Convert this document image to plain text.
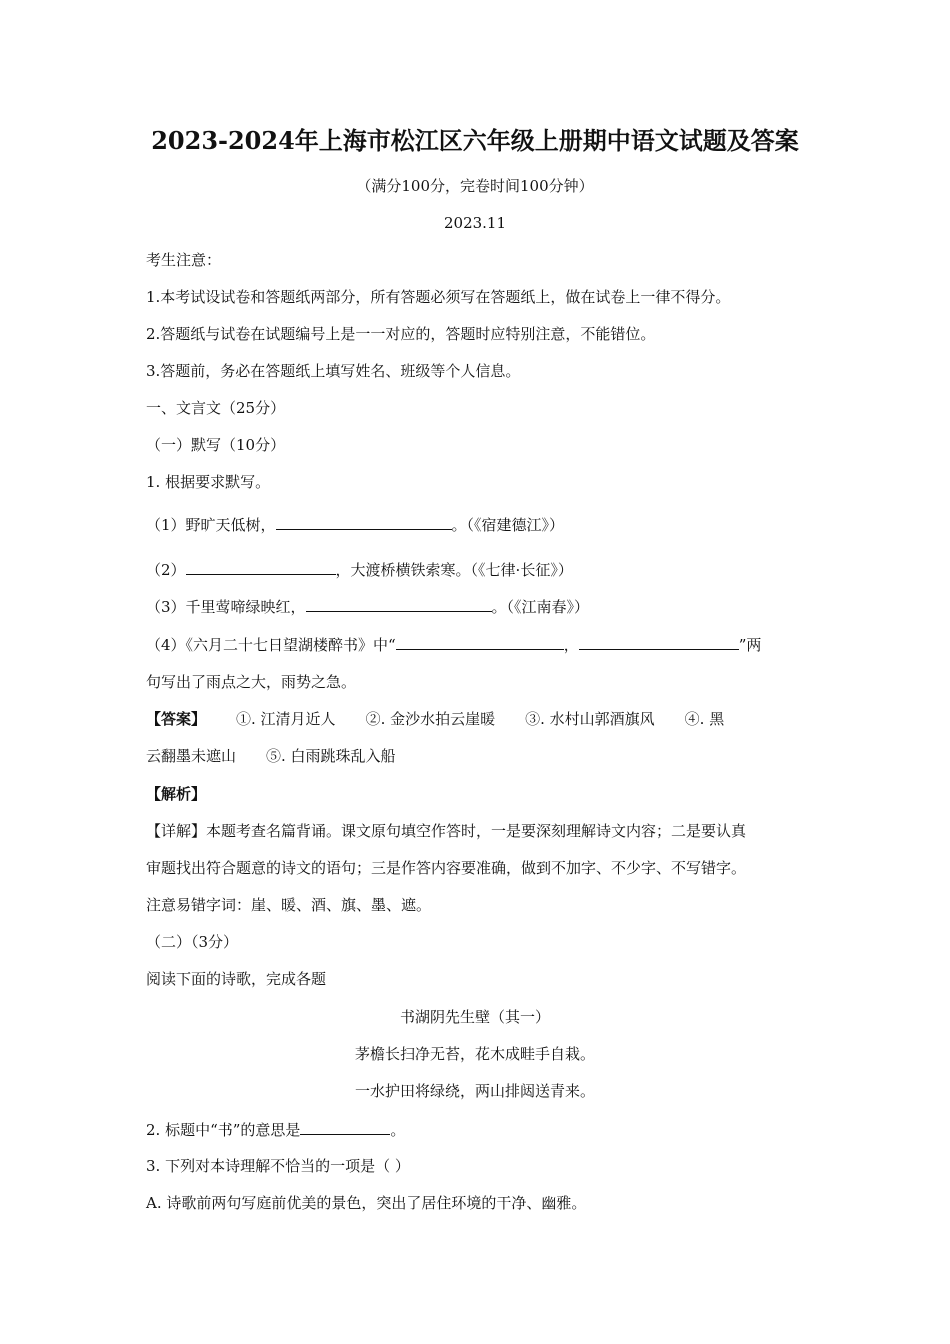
2023-2024年上海市松江区六年级上册期中语文试题及答案
（满分100分，完卷时间100分钟）
2023.11
考生注意：
1.本考试设试卷和答题纸两部分，所有答题必须写在答题纸上，做在试卷上一律不得分。
2.答题纸与试卷在试题编号上是一一对应的，答题时应特别注意，不能错位。
3.答题前，务必在答题纸上填写姓名、班级等个人信息。
一、文言文（25分）
（一）默写（10分）
1. 根据要求默写。
（1）野旷天低树，	。（《宿建德江》）
（2）	，大渡桥横铁索寒。（《七律·长征》）
（3）千里莺啼绿映红，	。（《江南春》）
（4）《六月二十七日望湖楼醉书》中“	，	”两
句写出了雨点之大，雨势之急。
【答案】 ①. 江清月近人 ②. 金沙水拍云崖暖 ③. 水村山郭酒旗风 ④. 黑
云翻墨未遮山 ⑤. 白雨跳珠乱入船
【解析】
【详解】本题考查名篇背诵。课文原句填空作答时，一是要深刻理解诗文内容；二是要认真
审题找出符合题意的诗文的语句；三是作答内容要准确，做到不加字、不少字、不写错字。
注意易错字词：崖、暖、酒、旗、墨、遮。
（二）（3分）
阅读下面的诗歌，完成各题
书湖阴先生壁（其一）
茅檐长扫净无苔，花木成畦手自栽。
一水护田将绿绕，两山排闼送青来。
2. 标题中“书”的意思是	。
3. 下列对本诗理解不恰当的一项是（ ）
A. 诗歌前两句写庭前优美的景色，突出了居住环境的干净、幽雅。
